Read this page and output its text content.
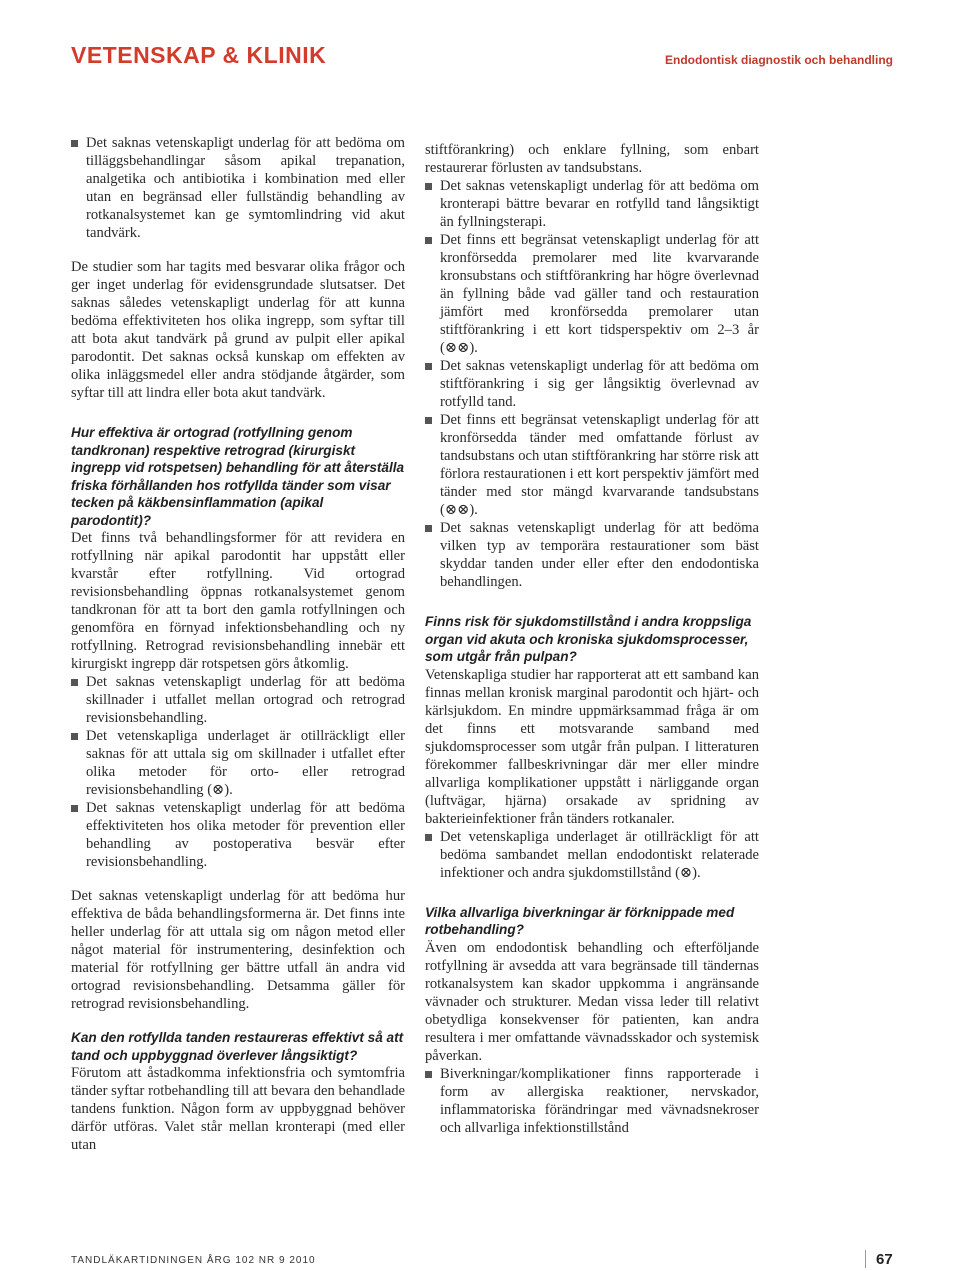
VETENSKAP & KLINIK	Endodontisk diagnostik och behandling
Det saknas vetenskapligt underlag för att bedöma om tilläggsbehandlingar såsom apikal trepanation, analgetika och antibiotika i kombination med eller utan en begränsad eller fullständig behandling av rotkanalsystemet kan ge symtomlindring vid akut tandvärk.

De studier som har tagits med besvarar olika frågor och ger inget underlag för evidensgrundade slutsatser. Det saknas således vetenskapligt underlag för att kunna bedöma effektiviteten hos olika ingrepp, som syftar till att bota akut tandvärk på grund av pulpit eller apikal parodontit. Det saknas också kunskap om effekten av olika inläggsmedel eller andra stödjande åtgärder, som syftar till att lindra eller bota akut tandvärk.

Hur effektiva är ortograd (rotfyllning genom tandkronan) respektive retrograd (kirurgiskt ingrepp vid rotspetsen) behandling för att återställa friska förhållanden hos rotfyllda tänder som visar tecken på käkbensinflammation (apikal parodontit)?

Det finns två behandlingsformer för att revidera en rotfyllning när apikal parodontit har uppstått eller kvarstår efter rotfyllning. Vid ortograd revisionsbehandling öppnas rotkanalsystemet genom tandkronan för att ta bort den gamla rotfyllningen och genomföra en förnyad infektionsbehandling och ny rotfyllning. Retrograd revisionsbehandling innebär ett kirurgiskt ingrepp där rotspetsen görs åtkomlig.

Det saknas vetenskapligt underlag för att bedöma skillnader i utfallet mellan ortograd och retrograd revisionsbehandling.
Det vetenskapliga underlaget är otillräckligt eller saknas för att uttala sig om skillnader i utfallet efter olika metoder för orto- eller retrograd revisionsbehandling (⊗).
Det saknas vetenskapligt underlag för att bedöma effektiviteten hos olika metoder för prevention eller behandling av postoperativa besvär efter revisionsbehandling.

Det saknas vetenskapligt underlag för att bedöma hur effektiva de båda behandlingsformerna är. Det finns inte heller underlag för att uttala sig om någon metod eller något material för instrumentering, desinfektion och material för rotfyllning ger bättre utfall än andra vid ortograd revisionsbehandling. Detsamma gäller för retrograd revisionsbehandling.

Kan den rotfyllda tanden restaureras effektivt så att tand och uppbyggnad överlever långsiktigt?

Förutom att åstadkomma infektionsfria och symtomfria tänder syftar rotbehandling till att bevara den behandlade tandens funktion. Någon form av uppbyggnad behöver därför utföras. Valet står mellan kronterapi (med eller utan

stiftförankring) och enklare fyllning, som enbart restaurerar förlusten av tandsubstans.

Det saknas vetenskapligt underlag för att bedöma om kronterapi bättre bevarar en rotfylld tand långsiktigt än fyllningsterapi.
Det finns ett begränsat vetenskapligt underlag för att kronförsedda premolarer med lite kvarvarande kronsubstans och stiftförankring har högre överlevnad än fyllning både vad gäller tand och restauration jämfört med kronförsedda premolarer utan stiftförankring i ett kort tidsperspektiv om 2–3 år (⊗⊗).
Det saknas vetenskapligt underlag för att bedöma om stiftförankring i sig ger långsiktig överlevnad av rotfylld tand.
Det finns ett begränsat vetenskapligt underlag för att kronförsedda tänder med omfattande förlust av tandsubstans och utan stiftförankring har större risk att förlora restaurationen i ett kort perspektiv jämfört med tänder med stor mängd kvarvarande tandsubstans (⊗⊗).
Det saknas vetenskapligt underlag för att bedöma vilken typ av temporära restaurationer som bäst skyddar tanden under eller efter den endodontiska behandlingen.
Finns risk för sjukdomstillstånd i andra kroppsliga organ vid akuta och kroniska sjukdomsprocesser, som utgår från pulpan?

Vetenskapliga studier har rapporterat att ett samband kan finnas mellan kronisk marginal parodontit och hjärt- och kärlsjukdom. En mindre uppmärksammad fråga är om det finns ett motsvarande samband med sjukdomsprocesser som utgår från pulpan. I litteraturen förekommer fallbeskrivningar där mer eller mindre allvarliga komplikationer uppstått i närliggande organ (luftvägar, hjärna) orsakade av spridning av bakterieinfektioner från tänders rotkanaler.

Det vetenskapliga underlaget är otillräckligt för att bedöma sambandet mellan endodontiskt relaterade infektioner och andra sjukdomstillstånd (⊗).
Vilka allvarliga biverkningar är förknippade med rotbehandling?

Även om endodontisk behandling och efterföljande rotfyllning är avsedda att vara begränsade till tändernas rotkanalsystem kan skador uppkomma i angränsande vävnader och strukturer. Medan vissa leder till relativt obetydliga konsekvenser för patienten, kan andra resultera i mer omfattande vävnadsskador och systemisk påverkan.

Biverkningar/komplikationer finns rapporterade i form av allergiska reaktioner, nervskador, inflammatoriska förändringar med vävnadsnekroser och allvarliga infektionstillstånd
TANDLÄKARTIDNINGEN ÅRG 102 NR 9 2010	67
